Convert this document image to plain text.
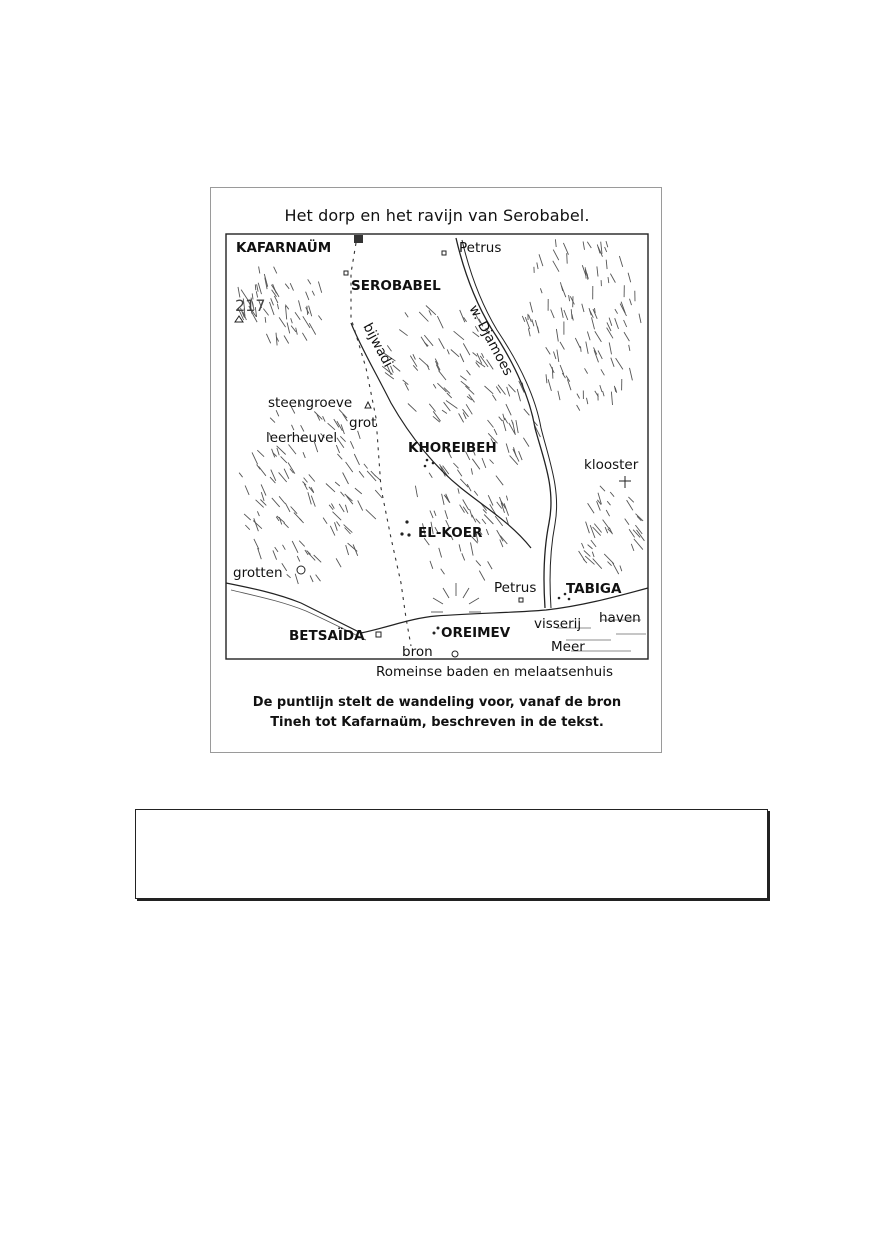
KAFARNAÜM
SEROBABEL
Petrus
217	w. Djamoes
bijwadi
steengroeve
grot
leerheuvel
KHOREIBEH
klooster
EL-KOER
grotten
Petrus TABIGA
haven
BETSAÏDA	OREIMEV
visserij
Meer
bron
Romeinse baden en melaatsenhuis
Het dorp en het ravijn van Serobabel.
De puntlijn stelt de wandeling voor, vanaf de bron
Tineh tot Kafarnaüm, beschreven in de tekst.
